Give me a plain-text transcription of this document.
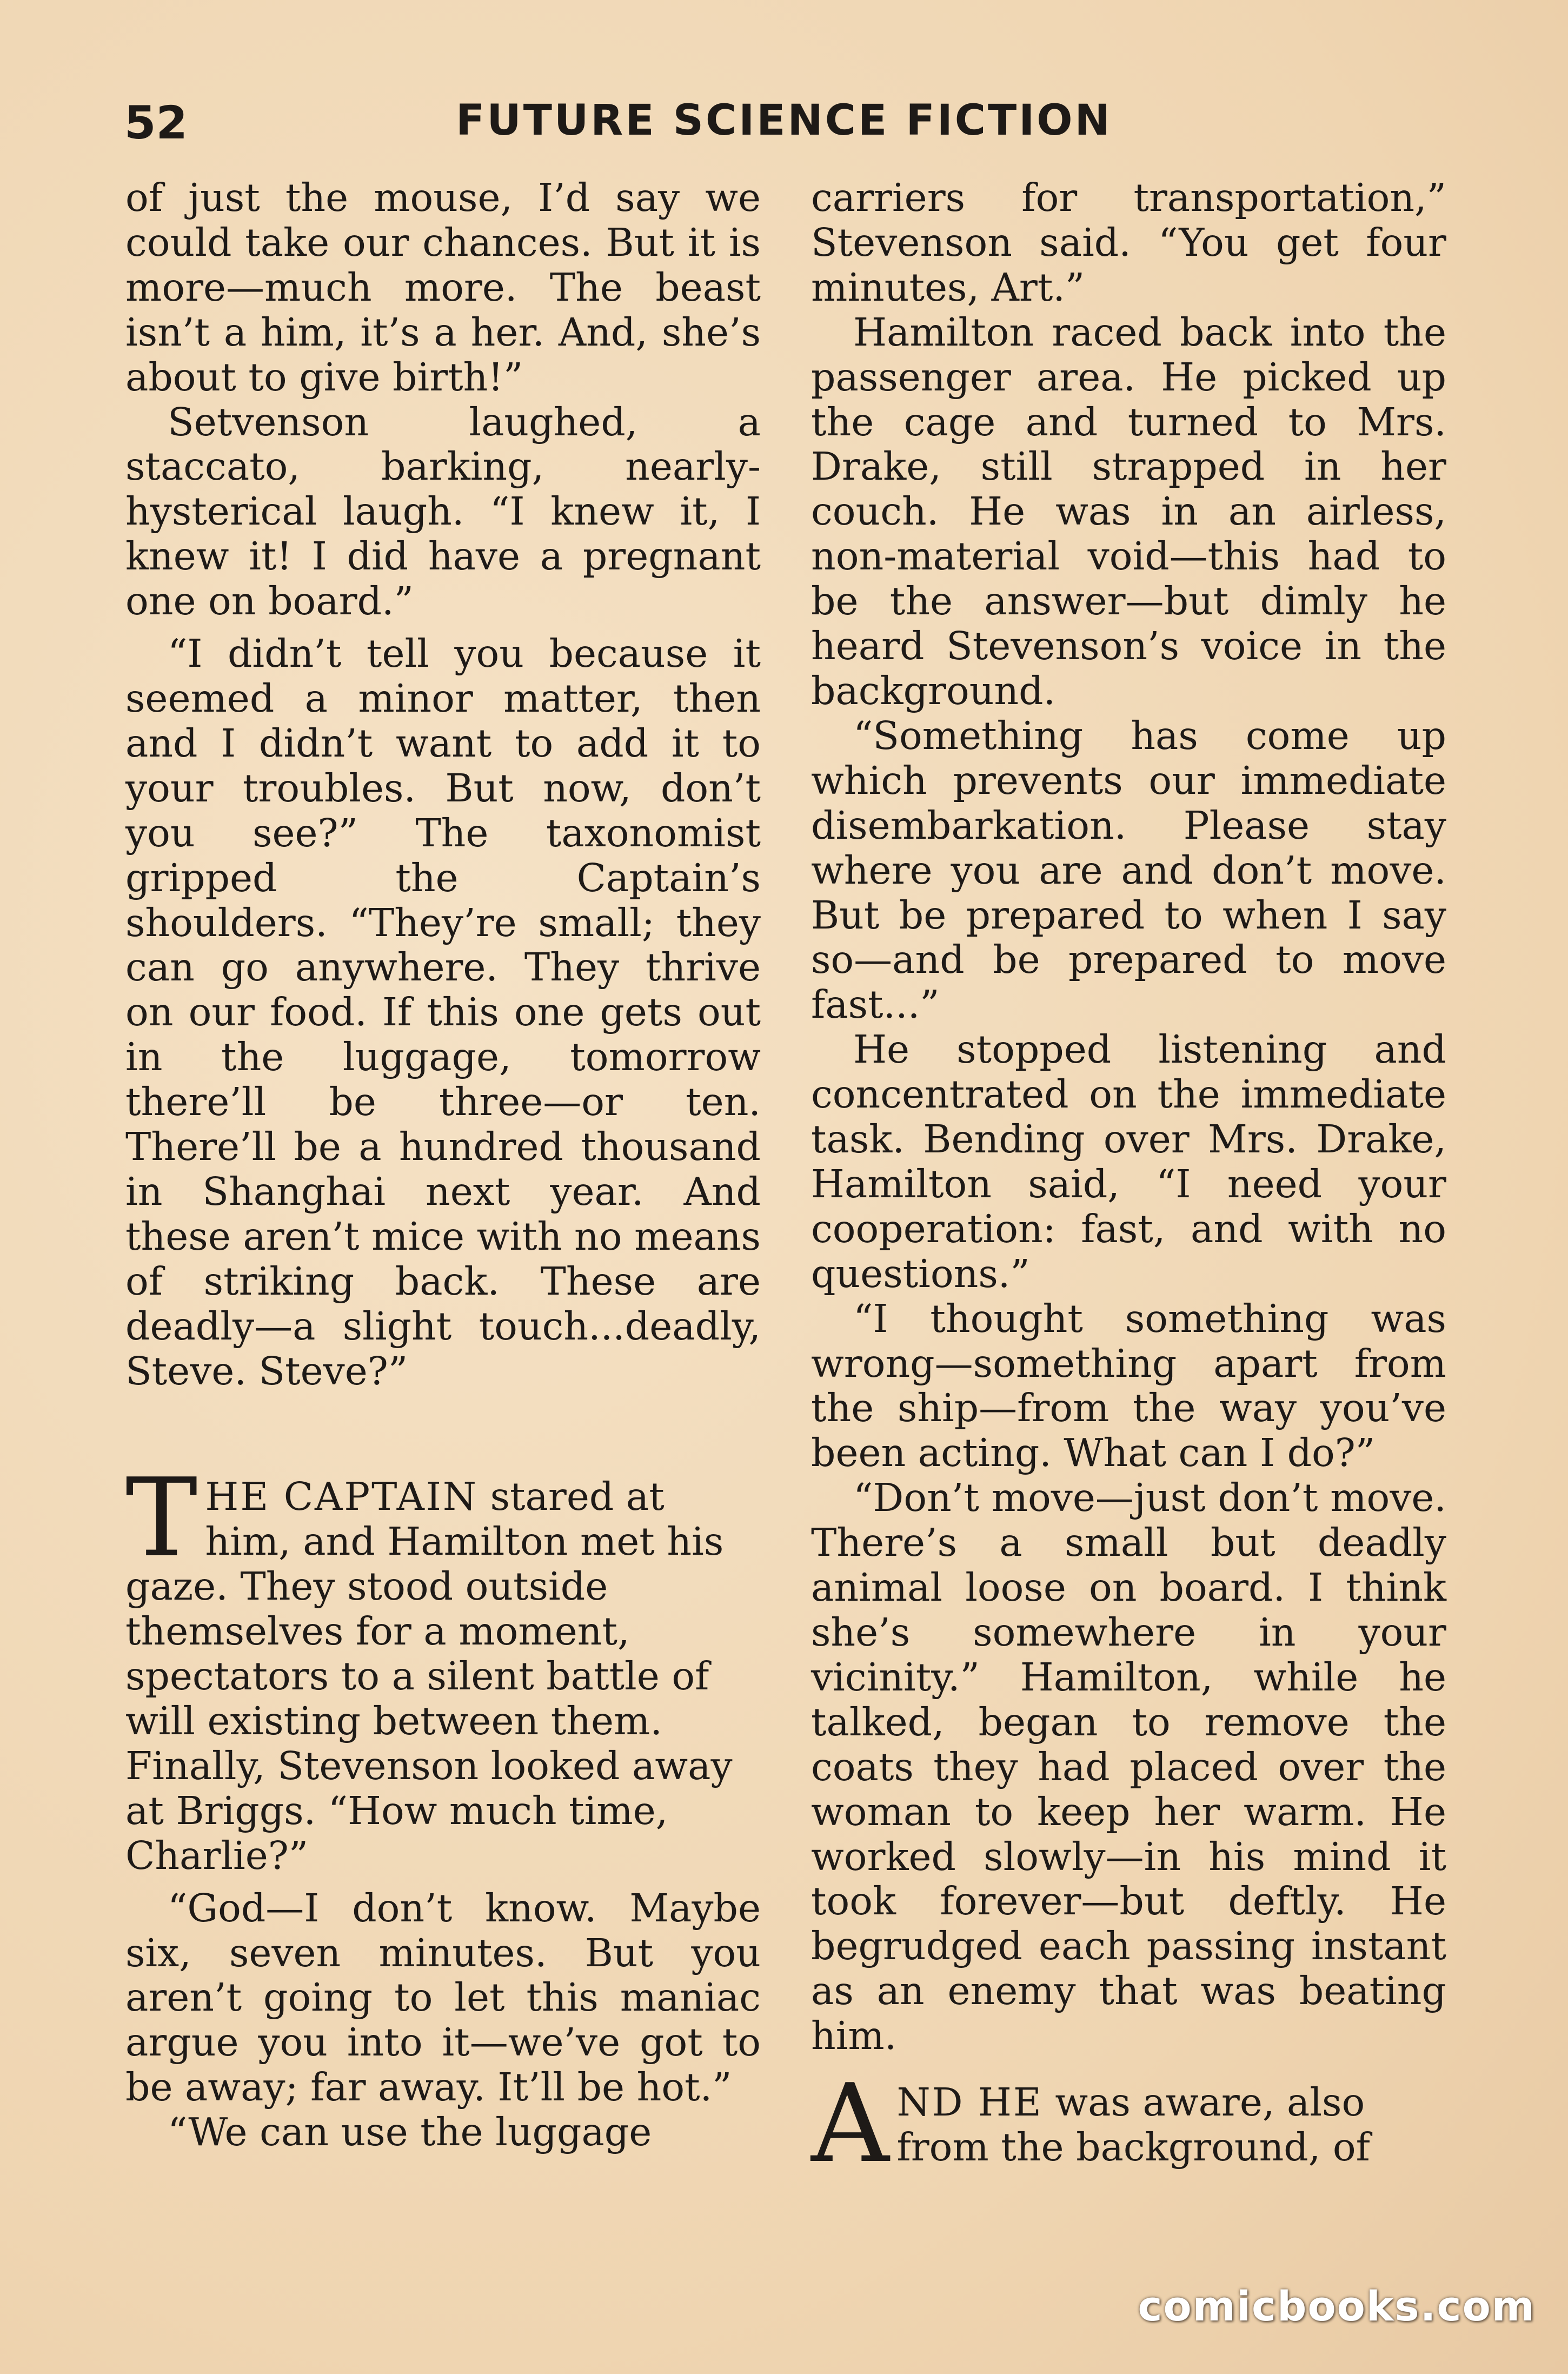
52	FUTURE SCIENCE FICTION

of just the mouse, I’d say we could take our chances. But it is more—much more. The beast isn’t a him, it’s a her. And, she’s about to give birth!”

Setvenson laughed, a staccato, barking, nearly-hysterical laugh. “I knew it, I knew it! I did have a pregnant one on board.”

“I didn’t tell you because it seemed a minor matter, then and I didn’t want to add it to your troubles. But now, don’t you see?” The taxonomist gripped the Captain’s shoulders. “They’re small; they can go anywhere. They thrive on our food. If this one gets out in the luggage, tomorrow there’ll be three—or ten. There’ll be a hundred thousand in Shanghai next year. And these aren’t mice with no means of striking back. These are deadly—a slight touch...deadly, Steve. Steve?”

T HE CAPTAIN stared at him, and Hamilton met his gaze. They stood outside themselves for a moment, spectators to a silent battle of will existing between them. Finally, Stevenson looked away at Briggs. “How much time, Charlie?”

“God—I don’t know. Maybe six, seven minutes. But you aren’t going to let this maniac argue you into it—we’ve got to be away; far away. It’ll be hot.”

“We can use the luggage

carriers for transportation,” Stevenson said. “You get four minutes, Art.”

Hamilton raced back into the passenger area. He picked up the cage and turned to Mrs. Drake, still strapped in her couch. He was in an airless, non-material void—this had to be the answer—but dimly he heard Stevenson’s voice in the background.

“Something has come up which prevents our immediate disembarkation. Please stay where you are and don’t move. But be prepared to when I say so—and be prepared to move fast...”

He stopped listening and concentrated on the immediate task. Bending over Mrs. Drake, Hamilton said, “I need your cooperation: fast, and with no questions.”

“I thought something was wrong—something apart from the ship—from the way you’ve been acting. What can I do?”

“Don’t move—just don’t move. There’s a small but deadly animal loose on board. I think she’s somewhere in your vicinity.” Hamilton, while he talked, began to remove the coats they had placed over the woman to keep her warm. He worked slowly—in his mind it took forever—but deftly. He begrudged each passing instant as an enemy that was beating him.

A ND HE was aware, also
from the background, of
comicbooks.com
